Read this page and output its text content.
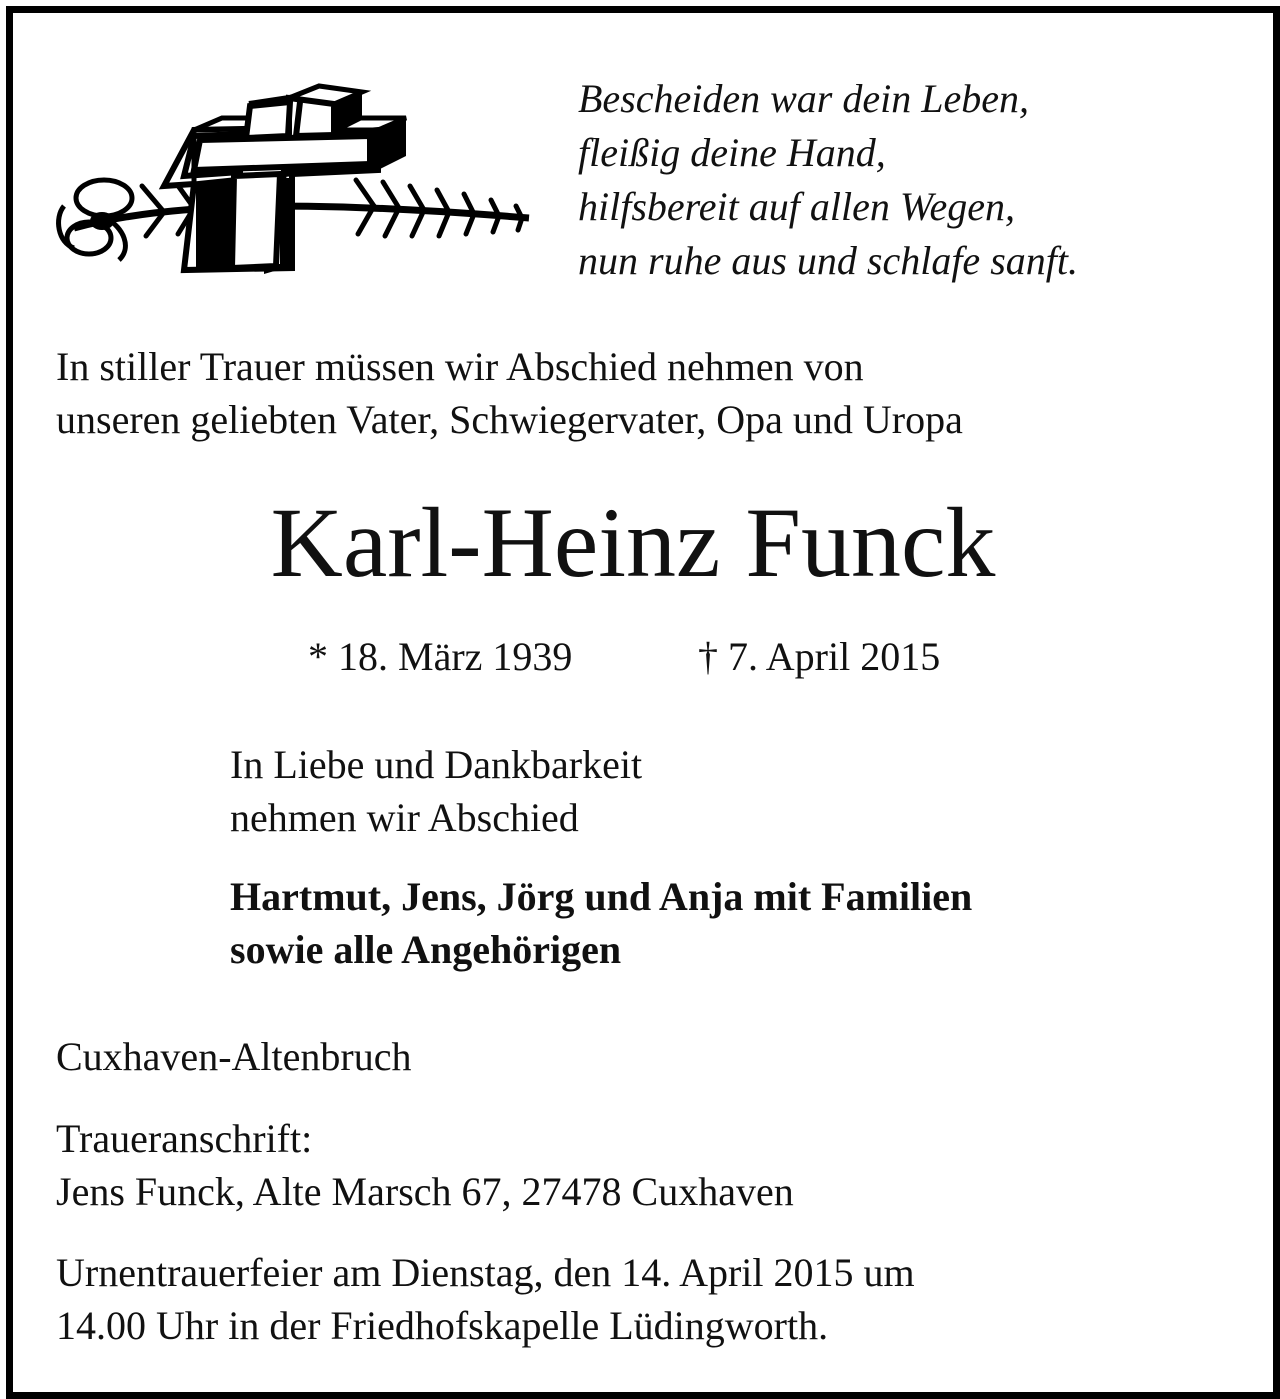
Bescheiden war dein Leben,
fleißig deine Hand,
hilfsbereit auf allen Wegen,
nun ruhe aus und schlafe sanft.
In stiller Trauer müssen wir Abschied nehmen von
unseren geliebten Vater, Schwiegervater, Opa und Uropa
Karl-Heinz Funck
* 18. März 1939	† 7. April 2015
In Liebe und Dankbarkeit
nehmen wir Abschied
Hartmut, Jens, Jörg und Anja mit Familien
sowie alle Angehörigen
Cuxhaven-Altenbruch
Traueranschrift:
Jens Funck, Alte Marsch 67, 27478 Cuxhaven
Urnentrauerfeier am Dienstag, den 14. April 2015 um
14.00 Uhr in der Friedhofskapelle Lüdingworth.
